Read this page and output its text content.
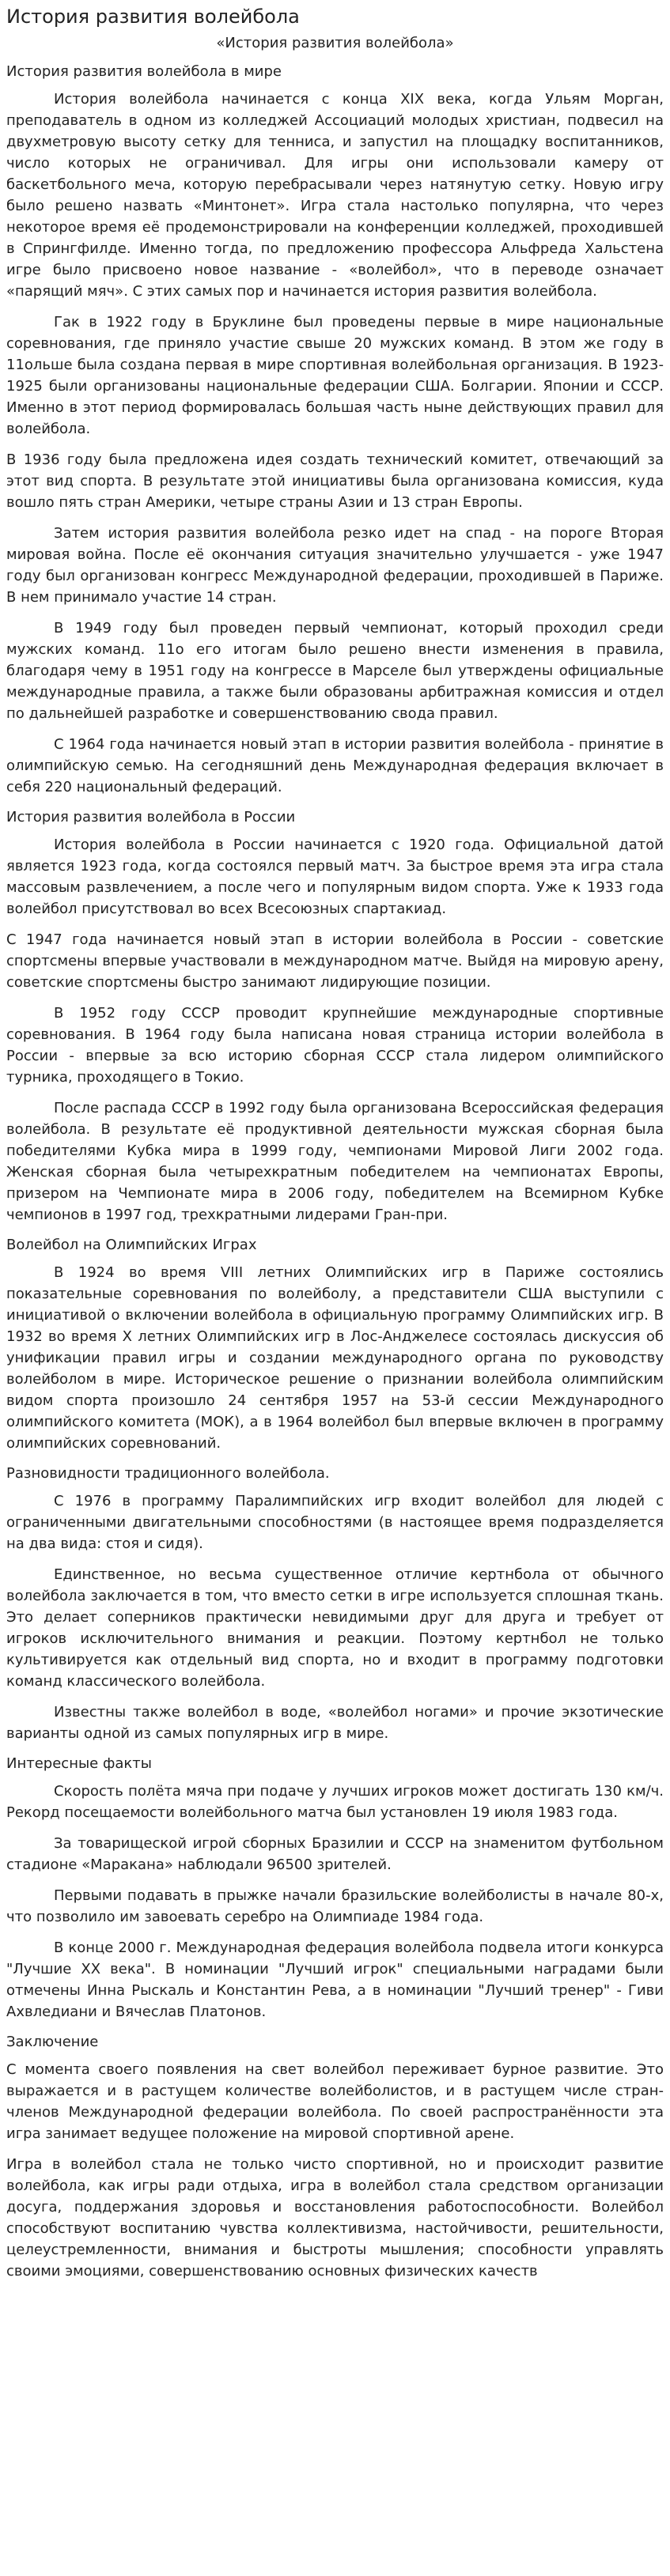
История развития волейбола
«История развития волейбола»
История развития волейбола в мире
История волейбола начинается с конца XIX века, когда Ульям Морган, преподаватель в одном из колледжей Ассоциаций молодых христиан, подвесил на двухметровую высоту сетку для тенниса, и запустил на площадку воспитанников, число которых не ограничивал. Для игры они использовали камеру от баскетбольного меча, которую перебрасывали через натянутую сетку. Новую игру было решено назвать «Минтонет». Игра стала настолько популярна, что через некоторое время её продемонстрировали на конференции колледжей, проходившей в Спрингфилде. Именно тогда, по предложению профессора Альфреда Хальстена игре было присвоено новое название - «волейбол», что в переводе означает «парящий мяч». С этих самых пор и начинается история развития волейбола.
Гак в 1922 году в Бруклине был проведены первые в мире национальные соревнования, где приняло участие свыше 20 мужских команд. В этом же году в 11ольше была создана первая в мире спортивная волейбольная организация. В 1923- 1925 были организованы национальные федерации США. Болгарии. Японии и СССР. Именно в этот период формировалась большая часть ныне действующих правил для волейбола.
В 1936 году была предложена идея создать технический комитет, отвечающий за этот вид спорта. В результате этой инициативы была организована комиссия, куда вошло пять стран Америки, четыре страны Азии и 13 стран Европы.
Затем история развития волейбола резко идет на спад - на пороге Вторая мировая война. После её окончания ситуация значительно улучшается - уже 1947 году был организован конгресс Международной федерации, проходившей в Париже. В нем принимало участие 14 стран.
В 1949 году был проведен первый чемпионат, который проходил среди мужских команд. 11о его итогам было решено внести изменения в правила, благодаря чему в 1951 году на конгрессе в Марселе был утверждены официальные международные правила, а также были образованы арбитражная комиссия и отдел по дальнейшей разработке и совершенствованию свода правил.
С 1964 года начинается новый этап в истории развития волейбола - принятие в олимпийскую семью. На сегодняшний день Международная федерация включает в себя 220 национальный федераций.
История развития волейбола в России
История волейбола в России начинается с 1920 года. Официальной датой является 1923 года, когда состоялся первый матч. За быстрое время эта игра стала массовым развлечением, а после чего и популярным видом спорта. Уже к 1933 года волейбол присутствовал во всех Всесоюзных спартакиад.
С 1947 года начинается новый этап в истории волейбола в России - советские спортсмены впервые участвовали в международном матче. Выйдя на мировую арену, советские спортсмены быстро занимают лидирующие позиции.
В 1952 году СССР проводит крупнейшие международные спортивные соревнования. В 1964 году была написана новая страница истории волейбола в России - впервые за всю историю сборная СССР стала лидером олимпийского турника, проходящего в Токио.
После распада СССР в 1992 году была организована Всероссийская федерация волейбола. В результате её продуктивной деятельности мужская сборная была победителями Кубка мира в 1999 году, чемпионами Мировой Лиги 2002 года. Женская сборная была четырехкратным победителем на чемпионатах Европы, призером на Чемпионате мира в 2006 году, победителем на Всемирном Кубке чемпионов в 1997 год, трехкратными лидерами Гран-при.
Волейбол на Олимпийских Играх
В 1924 во время VIII летних Олимпийских игр в Париже состоялись показательные соревнования по волейболу, а представители США выступили с инициативой о включении волейбола в официальную программу Олимпийских игр. В 1932 во время X летних Олимпийских игр в Лос-Анджелесе состоялась дискуссия об унификации правил игры и создании международного органа по руководству волейболом в мире. Историческое решение о признании волейбола олимпийским видом спорта произошло 24 сентября 1957 на 53-й сессии Международного олимпийского комитета (МОК), а в 1964 волейбол был впервые включен в программу олимпийских соревнований.
Разновидности традиционного волейбола.
С 1976 в программу Паралимпийских игр входит волейбол для людей с ограниченными двигательными способностями (в настоящее время подразделяется на два вида: стоя и сидя).
Единственное, но весьма существенное отличие кертнбола от обычного волейбола заключается в том, что вместо сетки в игре используется сплошная ткань. Это делает соперников практически невидимыми друг для друга и требует от игроков исключительного внимания и реакции. Поэтому кертнбол не только культивируется как отдельный вид спорта, но и входит в программу подготовки команд классического волейбола.
Известны также волейбол в воде, «волейбол ногами» и прочие экзотические варианты одной из самых популярных игр в мире.
Интересные факты
Скорость полёта мяча при подаче у лучших игроков может достигать 130 км/ч. Рекорд посещаемости волейбольного матча был установлен 19 июля 1983 года.
За товарищеской игрой сборных Бразилии и СССР на знаменитом футбольном стадионе «Маракана» наблюдали 96500 зрителей.
Первыми подавать в прыжке начали бразильские волейболисты в начале 80-х, что позволило им завоевать серебро на Олимпиаде 1984 года.
В конце 2000 г. Международная федерация волейбола подвела итоги конкурса "Лучшие XX века". В номинации "Лучший игрок" специальными наградами были отмечены Инна Рыскаль и Константин Рева, а в номинации "Лучший тренер" - Гиви Ахвледиани и Вячеслав Платонов.
Заключение
С момента своего появления на свет волейбол переживает бурное развитие. Это выражается и в растущем количестве волейболистов, и в растущем числе стран-членов Международной федерации волейбола. По своей распространённости эта игра занимает ведущее положение на мировой спортивной арене.
Игра в волейбол стала не только чисто спортивной, но и происходит развитие волейбола, как игры ради отдыха, игра в волейбол стала средством организации досуга, поддержания здоровья и восстановления работоспособности. Волейбол способствуют воспитанию чувства коллективизма, настойчивости, решительности, целеустремленности, внимания и быстроты мышления; способности управлять своими эмоциями, совершенствованию основных физических качеств
